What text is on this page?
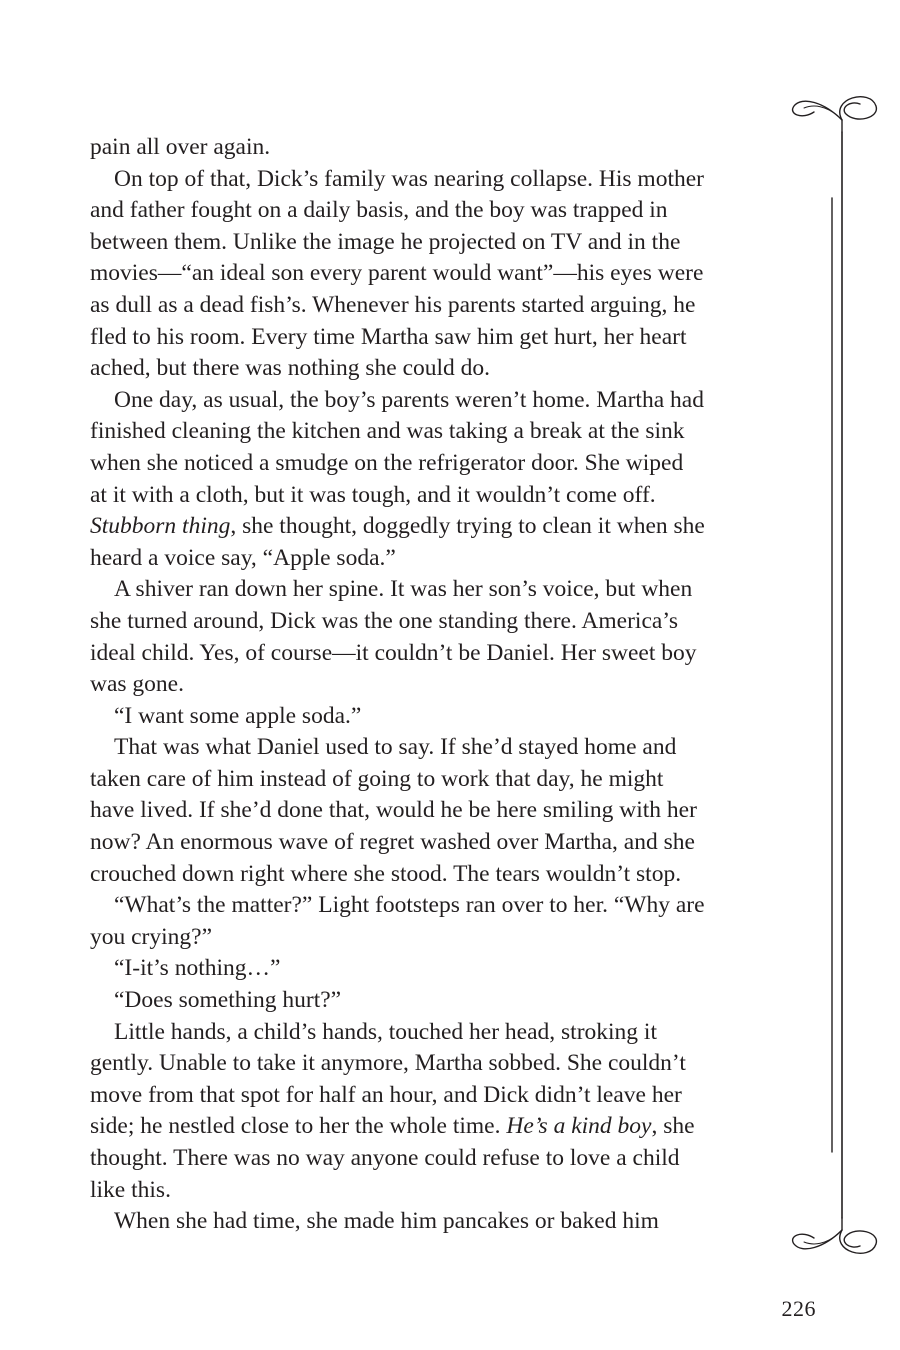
pain all over again.
On top of that, Dick’s family was nearing collapse. His mother
and father fought on a daily basis, and the boy was trapped in
between them. Unlike the image he projected on TV and in the
movies—“an ideal son every parent would want”—his eyes were
as dull as a dead fish’s. Whenever his parents started arguing, he
fled to his room. Every time Martha saw him get hurt, her heart
ached, but there was nothing she could do.
One day, as usual, the boy’s parents weren’t home. Martha had
finished cleaning the kitchen and was taking a break at the sink
when she noticed a smudge on the refrigerator door. She wiped
at it with a cloth, but it was tough, and it wouldn’t come off.
Stubborn thing, she thought, doggedly trying to clean it when she
heard a voice say, “Apple soda.”
A shiver ran down her spine. It was her son’s voice, but when
she turned around, Dick was the one standing there. America’s
ideal child. Yes, of course—it couldn’t be Daniel. Her sweet boy
was gone.
“I want some apple soda.”
That was what Daniel used to say. If she’d stayed home and
taken care of him instead of going to work that day, he might
have lived. If she’d done that, would he be here smiling with her
now? An enormous wave of regret washed over Martha, and she
crouched down right where she stood. The tears wouldn’t stop.
“What’s the matter?” Light footsteps ran over to her. “Why are
you crying?”
“I-it’s nothing…”
“Does something hurt?”
Little hands, a child’s hands, touched her head, stroking it
gently. Unable to take it anymore, Martha sobbed. She couldn’t
move from that spot for half an hour, and Dick didn’t leave her
side; he nestled close to her the whole time. He’s a kind boy, she
thought. There was no way anyone could refuse to love a child
like this.
When she had time, she made him pancakes or baked him
226
